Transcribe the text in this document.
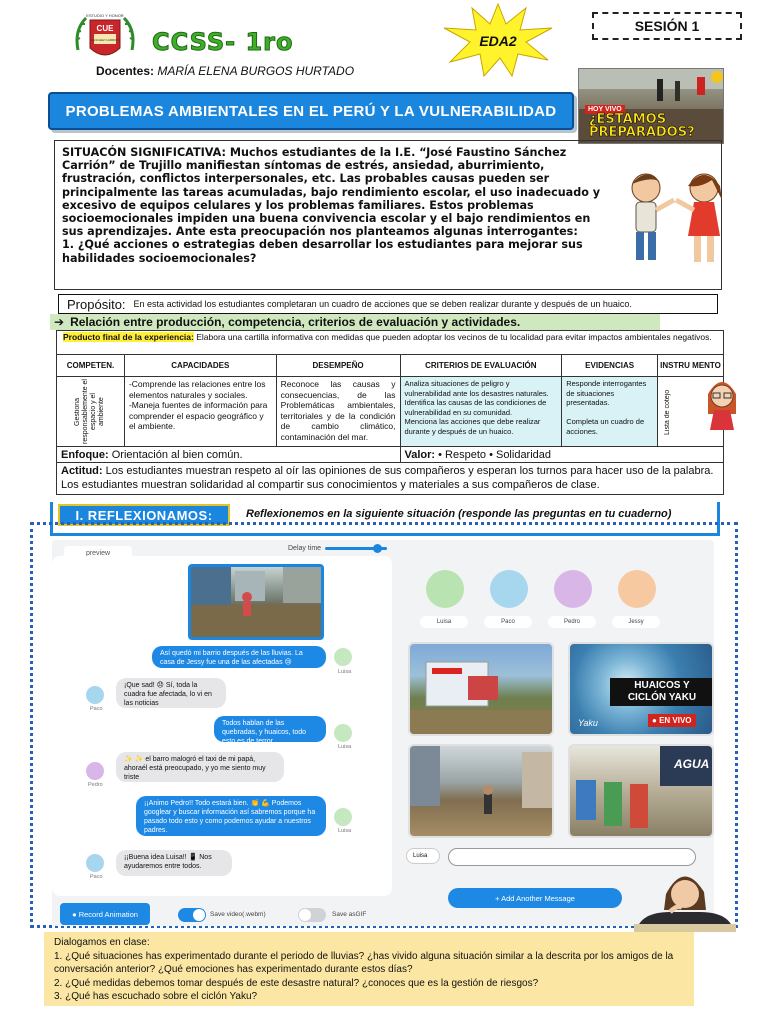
CUE
ESTUDIO Y HONOR
SANCHEZ CARRION CCSS- 1ro
Docentes: MARÍA ELENA BURGOS HURTADO
EDA2
SESIÓN 1
HOY VIVO
¿ESTAMOS
PREPARADOS?
PROBLEMAS AMBIENTALES EN EL PERÚ Y LA VULNERABILIDAD
SITUACÓN SIGNIFICATIVA: Muchos estudiantes de la I.E. “José Faustino Sánchez Carrión” de Trujillo manifiestan síntomas de estrés, ansiedad, aburrimiento, frustración, conflictos interpersonales, etc. Las probables causas pueden ser principalmente las tareas acumuladas, bajo rendimiento escolar, el uso inadecuado y excesivo de equipos celulares y los problemas familiares. Estos problemas socioemocionales impiden una buena convivencia escolar y el bajo rendimientos en sus aprendizajes. Ante esta preocupación nos planteamos algunas interrogantes:
1. ¿Qué acciones o estrategias deben desarrollar los estudiantes para mejorar sus habilidades socioemocionales?
Propósito: En esta actividad los estudiantes completaran un cuadro de acciones que se deben realizar durante y después de un huaico.
➔ Relación entre producción, competencia, criterios de evaluación y actividades.
Producto final de la experiencia: Elabora una cartilla informativa con medidas que pueden adoptar los vecinos de tu localidad para evitar impactos ambientales negativos.					
COMPETEN.	CAPACIDADES	DESEMPEÑO	CRITERIOS DE EVALUACIÓN	EVIDENCIAS	INSTRU MENTO

Gestiona responsablemente el espacio y el ambiente	-Comprende las relaciones entre los elementos naturales y sociales.
-Maneja fuentes de información para comprender el espacio geográfico y el ambiente.	Reconoce las causas y consecuencias, de las Problemáticas ambientales, territoriales y de la condición de cambio climático, contaminación del mar.	Analiza situaciones de peligro y vulnerabilidad ante los desastres naturales.
Identifica las causas de las condiciones de vulnerabilidad en su comunidad.
Menciona las acciones que debe realizar durante y después de un huaico.	Responde interrogantes de situaciones presentadas.

Completa un cuadro de acciones.	Lista de cotejo

Enfoque: Orientación al bien común.			Valor: • Respeto • Solidaridad		
Actitud: Los estudiantes muestran respeto al oír las opiniones de sus compañeros y esperan los turnos para hacer uso de la palabra. Los estudiantes muestran solidaridad al compartir sus conocimientos y materiales a sus compañeros de clase.					
I. REFLEXIONAMOS:	Reflexionemos en la siguiente situación (responde las preguntas en tu cuaderno)
preview
Delay time
Así quedó mi barrio después de las lluvias. La casa de Jessy fue una de las afectadas 😢
Luisa
¡Que sad! 😞 Sí, toda la cuadra fue afectada, lo vi en las noticias
Paco
Todos hablan de las quebradas, y huaicos, todo esto es de terror...
Luisa
✨ ✨ el barro malogró el taxi de mi papá, ahoraél está preocupado, y yo me siento muy triste
Pedro
¡¡Animo Pedro!! Todo estará bien. 👏 💪 Podemos googlear y buscar información así sabremos porque ha pasado todo esto y como podemos ayudar a nuestros padres.	Luisa
¡¡Buena idea Luisa!! 📱 Nos ayudaremos entre todos.
Paco
Luisa	Paco	Pedro	Jessy
HUAICOS Y
CICLÓN YAKU
● EN VIVO
Yaku
AGUA
Luisa
+ Add Another Message
● Record Animation	Save video(.webm)	Save asGIF
Dialogamos en clase:
1. ¿Qué situaciones has experimentado durante el periodo de lluvias? ¿has vivido alguna situación similar a la descrita por los amigos de la conversación anterior? ¿Qué emociones has experimentado durante estos días?
2. ¿Qué medidas debemos tomar después de este desastre natural? ¿conoces que es la gestión de riesgos?
3. ¿Qué has escuchado sobre el ciclón Yaku?
